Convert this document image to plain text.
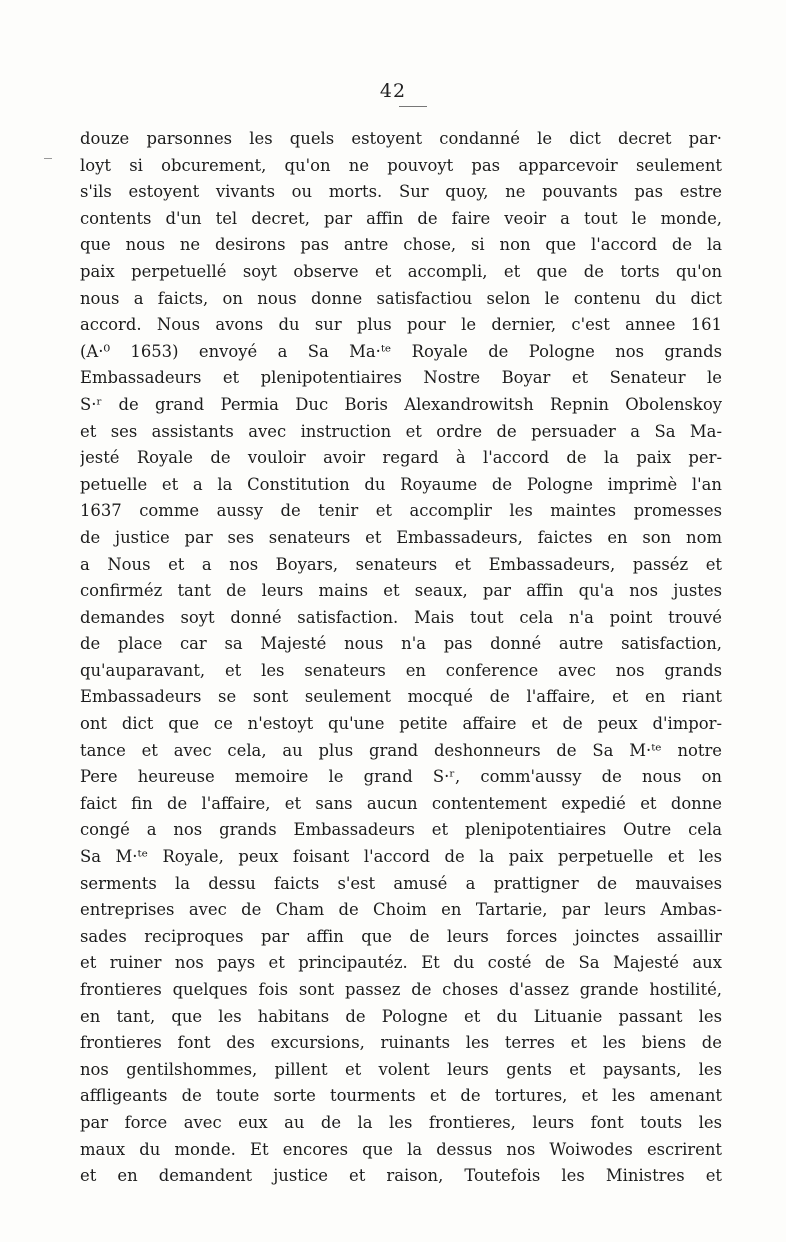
42
douze parsonnes les quels estoyent condanné le dict decret par·
loyt si obcurement, qu'on ne pouvoyt pas apparcevoir seulement
s'ils estoyent vivants ou morts. Sur quoy, ne pouvants pas estre
contents d'un tel decret, par affin de faire veoir a tout le monde,
que nous ne desirons pas antre chose, si non que l'accord de la
paix perpetuellé soyt observe et accompli, et que de torts qu'on
nous a faicts, on nous donne satisfactiou selon le contenu du dict
accord. Nous avons du sur plus pour le dernier, c'est annee 161
(A·⁰ 1653) envoyé a Sa Ma·ᵗᵉ Royale de Pologne nos grands
Embassadeurs et plenipotentiaires Nostre Boyar et Senateur le
S·ʳ de grand Permia Duc Boris Alexandrowitsh Repnin Obolenskoy
et ses assistants avec instruction et ordre de persuader a Sa Ma-
jesté Royale de vouloir avoir regard à l'accord de la paix per-
petuelle et a la Constitution du Royaume de Pologne imprimè l'an
1637 comme aussy de tenir et accomplir les maintes promesses
de justice par ses senateurs et Embassadeurs, faictes en son nom
a Nous et a nos Boyars, senateurs et Embassadeurs, passéz et
confirméz tant de leurs mains et seaux, par affin qu'a nos justes
demandes soyt donné satisfaction. Mais tout cela n'a point trouvé
de place car sa Majesté nous n'a pas donné autre satisfaction,
qu'auparavant, et les senateurs en conference avec nos grands
Embassadeurs se sont seulement mocqué de l'affaire, et en riant
ont dict que ce n'estoyt qu'une petite affaire et de peux d'impor-
tance et avec cela, au plus grand deshonneurs de Sa M·ᵗᵉ notre
Pere heureuse memoire le grand S·ʳ, comm'aussy de nous on
faict fin de l'affaire, et sans aucun contentement expedié et donne
congé a nos grands Embassadeurs et plenipotentiaires Outre cela
Sa M·ᵗᵉ Royale, peux foisant l'accord de la paix perpetuelle et les
serments la dessu faicts s'est amusé a prattigner de mauvaises
entreprises avec de Cham de Choim en Tartarie, par leurs Ambas-
sades reciproques par affin que de leurs forces joinctes assaillir
et ruiner nos pays et principautéz. Et du costé de Sa Majesté aux
frontieres quelques fois sont passez de choses d'assez grande hostilité,
en tant, que les habitans de Pologne et du Lituanie passant les
frontieres font des excursions, ruinants les terres et les biens de
nos gentilshommes, pillent et volent leurs gents et paysants, les
affligeants de toute sorte tourments et de tortures, et les amenant
par force avec eux au de la les frontieres, leurs font touts les
maux du monde. Et encores que la dessus nos Woiwodes escrirent
et en demandent justice et raison, Toutefois les Ministres et
